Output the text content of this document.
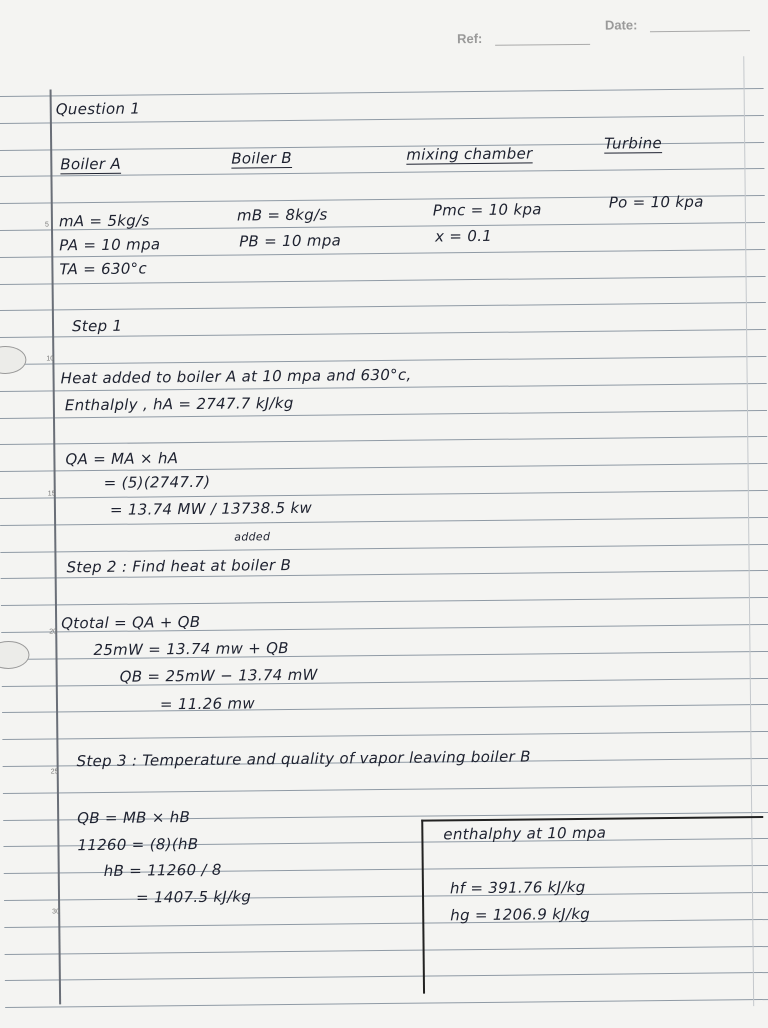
Ref:
Date:
5
10
15
20
25
30
Question 1
Boiler A	Boiler B	mixing chamber
Turbine
mA = 5kg/s
PA = 10 mpa
TA = 630°c
mB = 8kg/s
PB = 10 mpa
Pmc = 10 kpa
x = 0.1
Po = 10 kpa
Step 1
Heat added to boiler A at 10 mpa and 630°c,
Enthalply , hA = 2747.7 kJ/kg
QA = MA × hA
= (5)(2747.7)
= 13.74 MW / 13738.5 kw
added
Step 2 : Find heat at boiler B
Qtotal = QA + QB
25mW = 13.74 mw + QB
QB = 25mW − 13.74 mW
= 11.26 mw
Step 3 : Temperature and quality of vapor leaving boiler B
QB = MB × hB
11260 = (8)(hB
hB = 11260 / 8
= 1407.5 kJ/kg
enthalphy at 10 mpa
hf = 391.76 kJ/kg
hg = 1206.9 kJ/kg
